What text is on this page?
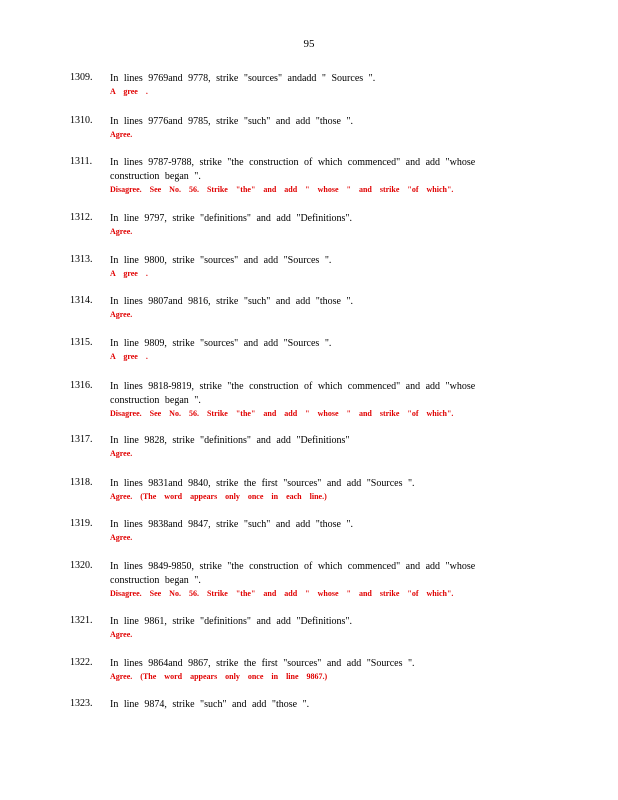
95
1309. In lines 9769and 9778, strike "sources" andadd " Sources ".
A gree .
1310. In lines 9776and 9785, strike "such" and add "those ".
Agree.
1311. In lines 9787-9788, strike "the construction of which commenced" and add "whose
construction began ".
Disagree. See No. 56. Strike "the" and add " whose " and strike "of which".
1312. In line 9797, strike "definitions" and add "Definitions".
Agree.
1313. In line 9800, strike "sources" and add "Sources ".
A gree .
1314. In lines 9807and 9816, strike "such" and add "those ".
Agree.
1315. In line 9809, strike "sources" and add "Sources ".
A gree .
1316. In lines 9818-9819, strike "the construction of which commenced" and add "whose
construction began ".
Disagree. See No. 56. Strike "the" and add " whose " and strike "of which".
1317. In line 9828, strike "definitions" and add "Definitions"
Agree.
1318. In lines 9831and 9840, strike the first "sources" and add "Sources ".
Agree. (The word appears only once in each line.)
1319. In lines 9838and 9847, strike "such" and add "those ".
Agree.
1320. In lines 9849-9850, strike "the construction of which commenced" and add "whose
construction began ".
Disagree. See No. 56. Strike "the" and add " whose " and strike "of which".
1321. In line 9861, strike "definitions" and add "Definitions".
Agree.
1322. In lines 9864and 9867, strike the first "sources" and add "Sources ".
Agree. (The word appears only once in line 9867.)
1323. In line 9874, strike "such" and add "those ".
